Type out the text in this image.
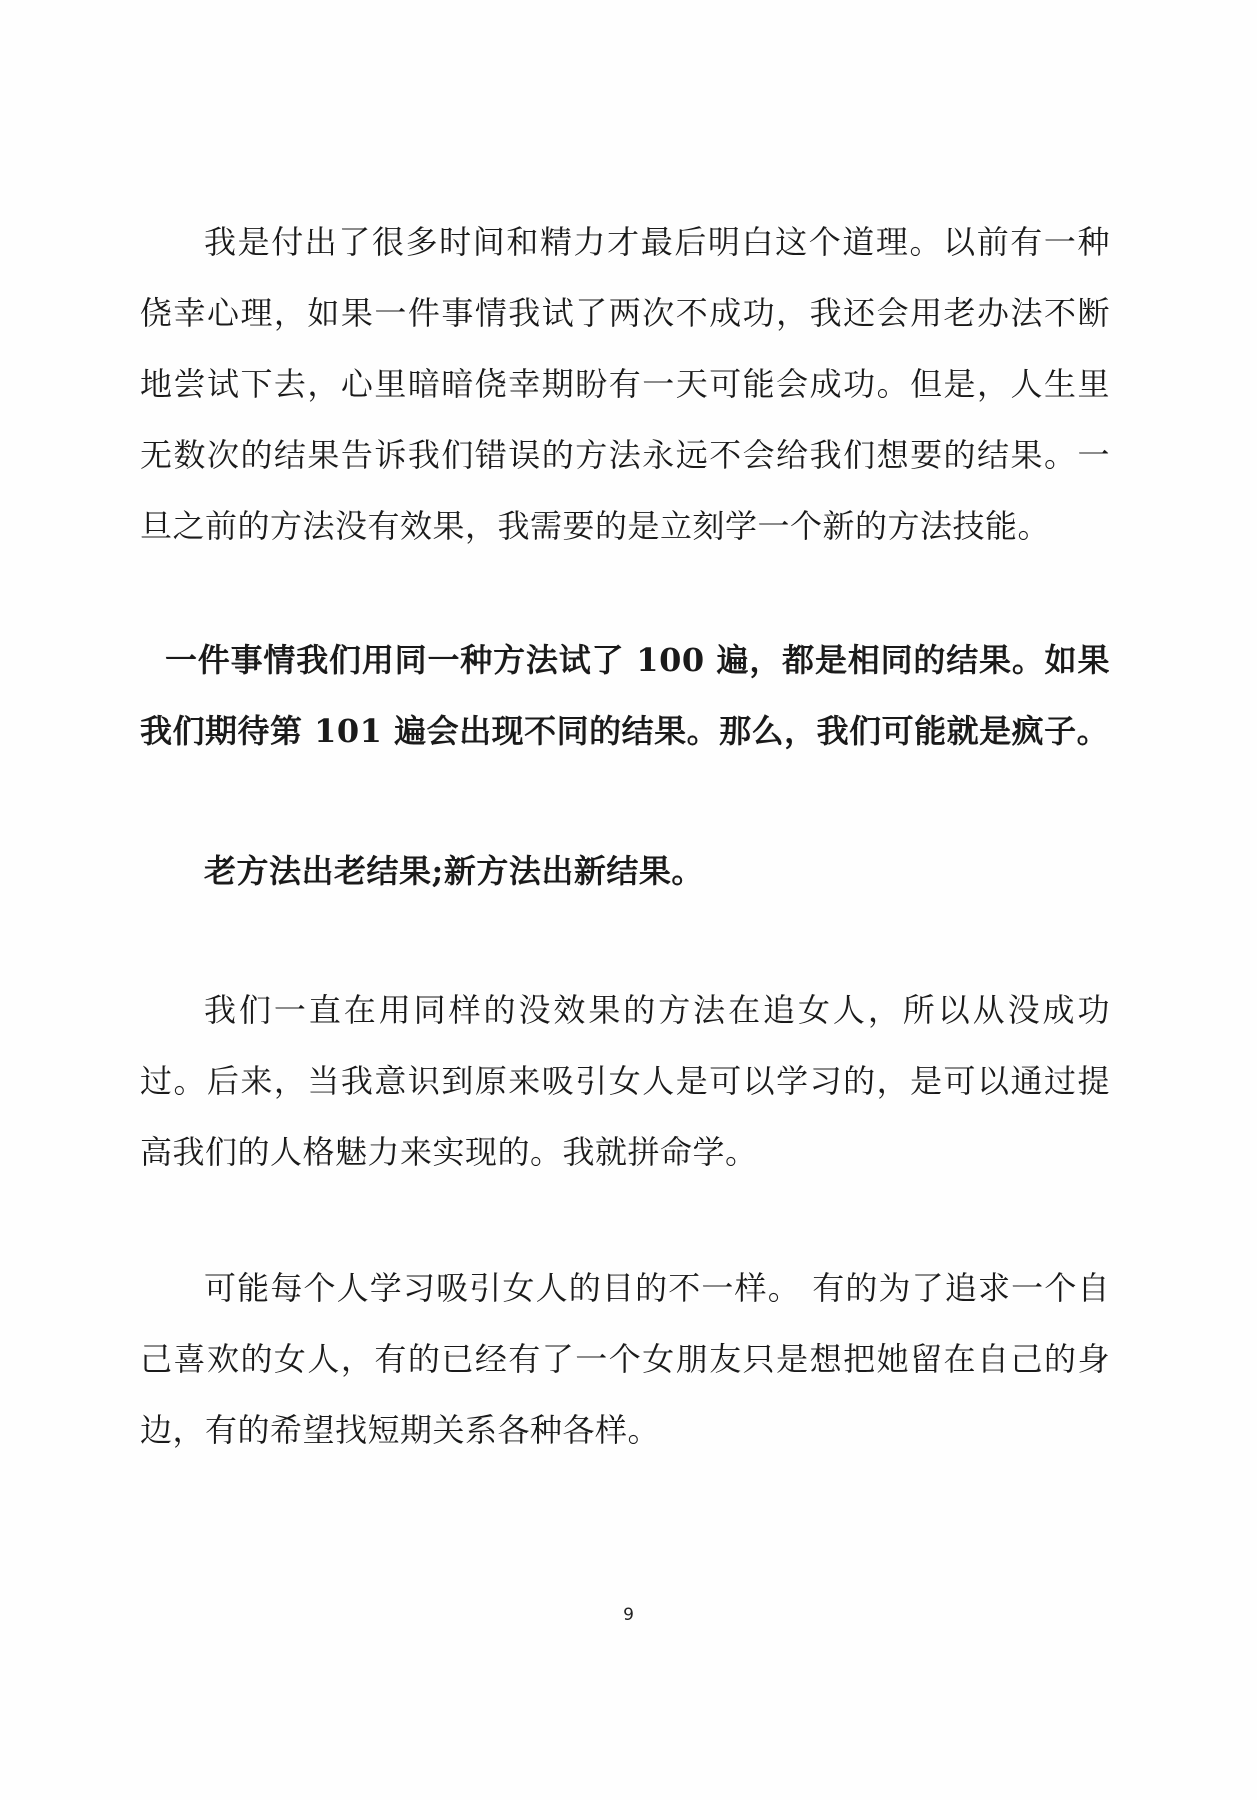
我是付出了很多时间和精力才最后明白这个道理。以前有一种侥幸心理，如果一件事情我试了两次不成功，我还会用老办法不断地尝试下去，心里暗暗侥幸期盼有一天可能会成功。但是，人生里无数次的结果告诉我们错误的方法永远不会给我们想要的结果。一旦之前的方法没有效果，我需要的是立刻学一个新的方法技能。

一件事情我们用同一种方法试了 100 遍，都是相同的结果。如果我们期待第 101 遍会出现不同的结果。那么，我们可能就是疯子。

老方法出老结果;新方法出新结果。

我们一直在用同样的没效果的方法在追女人，所以从没成功过。后来，当我意识到原来吸引女人是可以学习的，是可以通过提高我们的人格魅力来实现的。我就拼命学。

可能每个人学习吸引女人的目的不一样。 有的为了追求一个自己喜欢的女人，有的已经有了一个女朋友只是想把她留在自己的身边，有的希望找短期关系各种各样。

9
